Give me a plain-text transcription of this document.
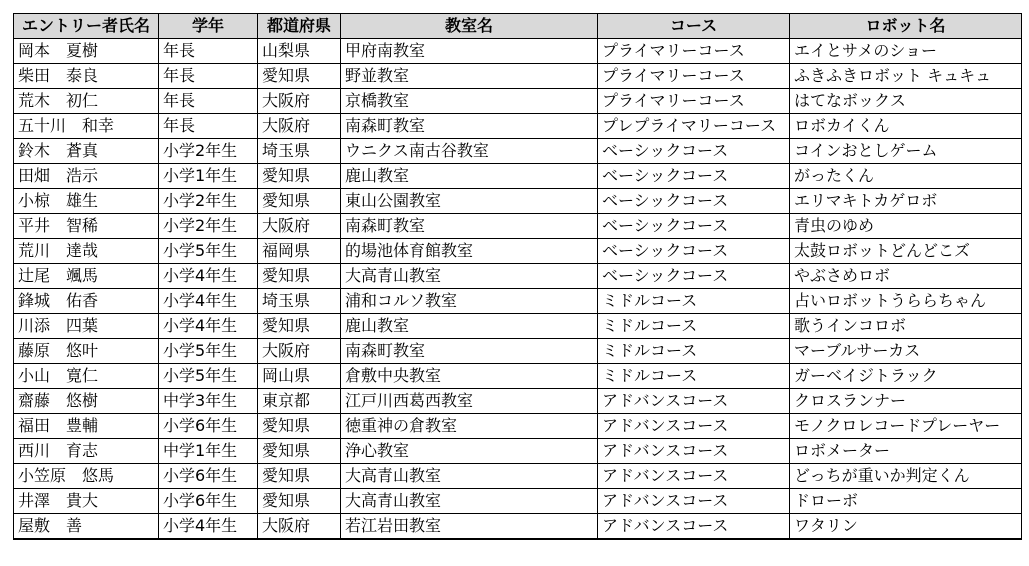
エントリー者氏名	学年	都道府県	教室名	コース	ロボット名
岡本　夏樹	年長	山梨県	甲府南教室	プライマリーコース	エイとサメのショー
柴田　泰良	年長	愛知県	野並教室	プライマリーコース	ふきふきロボット キュキュ
荒木　初仁	年長	大阪府	京橋教室	プライマリーコース	はてなボックス
五十川　和幸	年長	大阪府	南森町教室	プレプライマリーコース	ロボカイくん
鈴木　蒼真	小学2年生	埼玉県	ウニクス南古谷教室	ベーシックコース	コインおとしゲーム
田畑　浩示	小学1年生	愛知県	鹿山教室	ベーシックコース	がったくん
小椋　雄生	小学2年生	愛知県	東山公園教室	ベーシックコース	エリマキトカゲロボ
平井　智稀	小学2年生	大阪府	南森町教室	ベーシックコース	青虫のゆめ
荒川　達哉	小学5年生	福岡県	的場池体育館教室	ベーシックコース	太鼓ロボットどんどこズ
辻尾　颯馬	小学4年生	愛知県	大高青山教室	ベーシックコース	やぶさめロボ
鋒城　佑香	小学4年生	埼玉県	浦和コルソ教室	ミドルコース	占いロボットうららちゃん
川添　四葉	小学4年生	愛知県	鹿山教室	ミドルコース	歌うインコロボ
藤原　悠叶	小学5年生	大阪府	南森町教室	ミドルコース	マーブルサーカス
小山　寛仁	小学5年生	岡山県	倉敷中央教室	ミドルコース	ガーベイジトラック
齋藤　悠樹	中学3年生	東京都	江戸川西葛西教室	アドバンスコース	クロスランナー
福田　豊輔	小学6年生	愛知県	徳重神の倉教室	アドバンスコース	モノクロレコードプレーヤー
西川　育志	中学1年生	愛知県	浄心教室	アドバンスコース	ロボメーター
小笠原　悠馬	小学6年生	愛知県	大高青山教室	アドバンスコース	どっちが重いか判定くん
井澤　貴大	小学6年生	愛知県	大高青山教室	アドバンスコース	ドローボ
屋敷　善	小学4年生	大阪府	若江岩田教室	アドバンスコース	ワタリン
